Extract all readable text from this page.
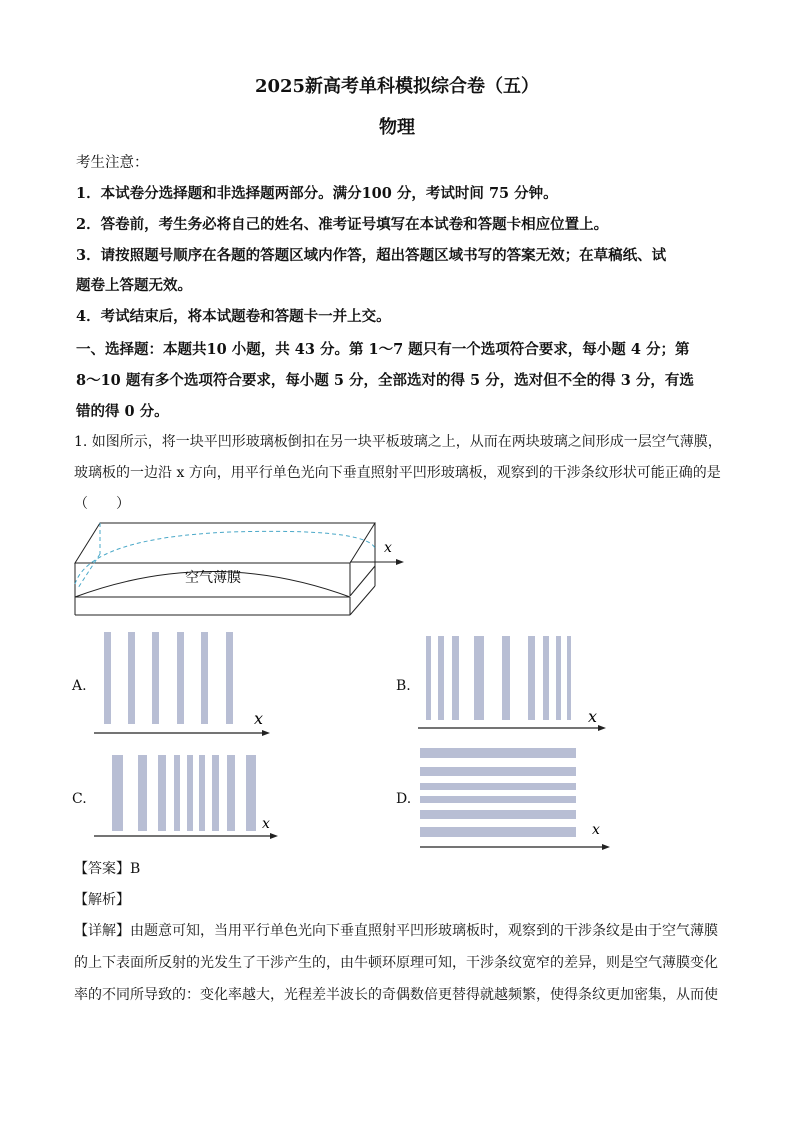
2025新高考单科模拟综合卷（五）
物理
考生注意：
1．本试卷分选择题和非选择题两部分。满分100 分，考试时间 75 分钟。
2．答卷前，考生务必将自己的姓名、准考证号填写在本试卷和答题卡相应位置上。
3．请按照题号顺序在各题的答题区域内作答，超出答题区域书写的答案无效；在草稿纸、试
题卷上答题无效。
4．考试结束后，将本试题卷和答题卡一并上交。
一、选择题：本题共10 小题，共 43 分。第 1～7 题只有一个选项符合要求，每小题 4 分；第
8～10 题有多个选项符合要求，每小题 5 分，全部选对的得 5 分，选对但不全的得 3 分，有选
错的得 0 分。
1. 如图所示，将一块平凹形玻璃板倒扣在另一块平板玻璃之上，从而在两块玻璃之间形成一层空气薄膜，
玻璃板的一边沿 x 方向，用平行单色光向下垂直照射平凹形玻璃板，观察到的干涉条纹形状可能正确的是
（　　）
x
空气薄膜
A.
x
B.
x
C.
x
D.
x
【答案】B
【解析】
【详解】由题意可知，当用平行单色光向下垂直照射平凹形玻璃板时，观察到的干涉条纹是由于空气薄膜
的上下表面所反射的光发生了干涉产生的，由牛顿环原理可知，干涉条纹宽窄的差异，则是空气薄膜变化
率的不同所导致的：变化率越大，光程差半波长的奇偶数倍更替得就越频繁，使得条纹更加密集，从而使
